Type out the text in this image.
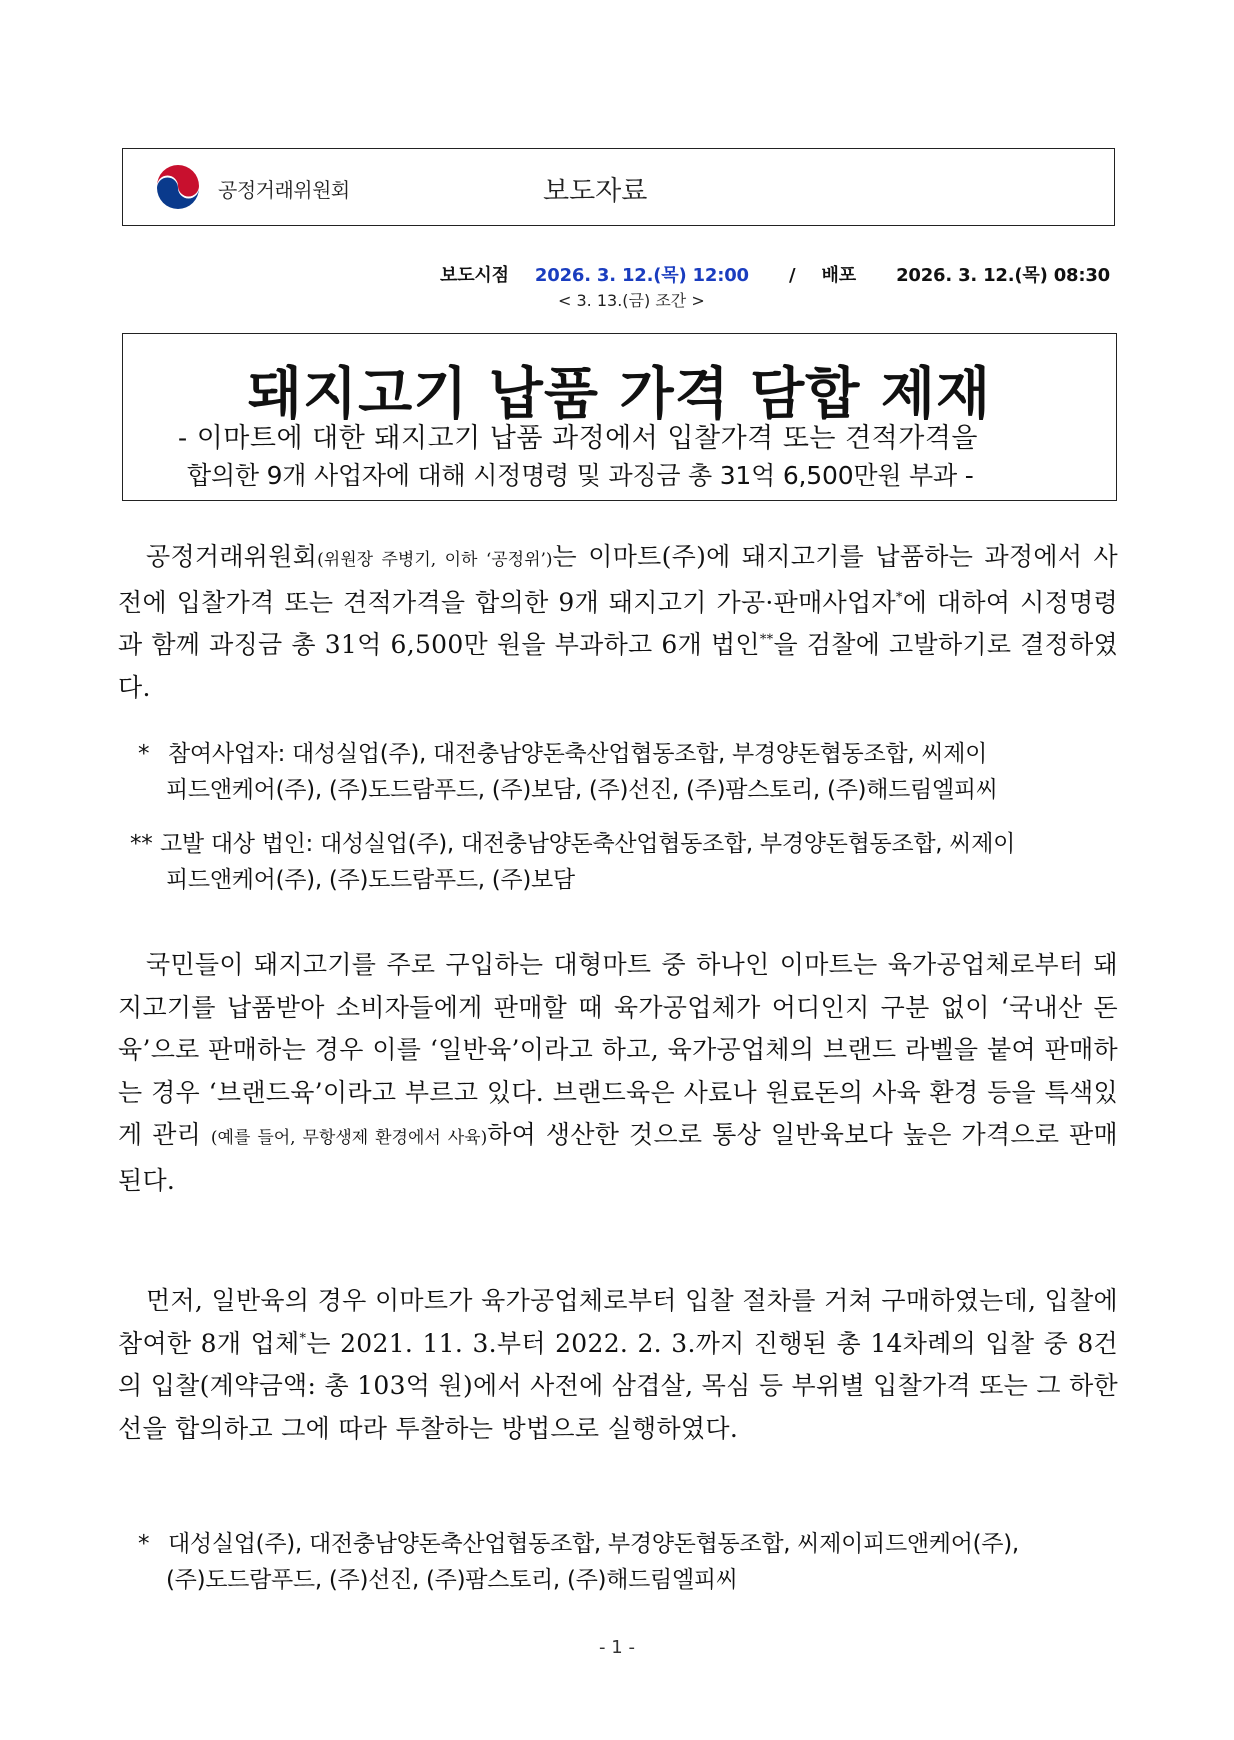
공정거래위원회	보도자료
보도시점 2026. 3. 12.(목) 12:00 / 배포 2026. 3. 12.(목) 08:30
< 3. 13.(금) 조간 >
돼지고기 납품 가격 담합 제재
- 이마트에 대한 돼지고기 납품 과정에서 입찰가격 또는 견적가격을
합의한 9개 사업자에 대해 시정명령 및 과징금 총 31억 6,500만원 부과 -

공정거래위원회(위원장 주병기, 이하 ‘공정위’)는 이마트(주)에 돼지고기를 납품하는 과정에서 사전에 입찰가격 또는 견적가격을 합의한 9개 돼지고기 가공·판매사업자*에 대하여 시정명령과 함께 과징금 총 31억 6,500만 원을 부과하고 6개 법인**을 검찰에 고발하기로 결정하였다.

* 참여사업자: 대성실업(주), 대전충남양돈축산업협동조합, 부경양돈협동조합, 씨제이
피드앤케어(주), (주)도드람푸드, (주)보담, (주)선진, (주)팜스토리, (주)해드림엘피씨
** 고발 대상 법인: 대성실업(주), 대전충남양돈축산업협동조합, 부경양돈협동조합, 씨제이
피드앤케어(주), (주)도드람푸드, (주)보담

국민들이 돼지고기를 주로 구입하는 대형마트 중 하나인 이마트는 육가공업체로부터 돼지고기를 납품받아 소비자들에게 판매할 때 육가공업체가 어디인지 구분 없이 ‘국내산 돈육’으로 판매하는 경우 이를 ‘일반육’이라고 하고, 육가공업체의 브랜드 라벨을 붙여 판매하는 경우 ‘브랜드육’이라고 부르고 있다. 브랜드육은 사료나 원료돈의 사육 환경 등을 특색있게 관리 (예를 들어, 무항생제 환경에서 사육)하여 생산한 것으로 통상 일반육보다 높은 가격으로 판매된다.

먼저, 일반육의 경우 이마트가 육가공업체로부터 입찰 절차를 거쳐 구매하였는데, 입찰에 참여한 8개 업체*는 2021. 11. 3.부터 2022. 2. 3.까지 진행된 총 14차례의 입찰 중 8건의 입찰(계약금액: 총 103억 원)에서 사전에 삼겹살, 목심 등 부위별 입찰가격 또는 그 하한선을 합의하고 그에 따라 투찰하는 방법으로 실행하였다.

* 대성실업(주), 대전충남양돈축산업협동조합, 부경양돈협동조합, 씨제이피드앤케어(주),
(주)도드람푸드, (주)선진, (주)팜스토리, (주)해드림엘피씨
- 1 -
